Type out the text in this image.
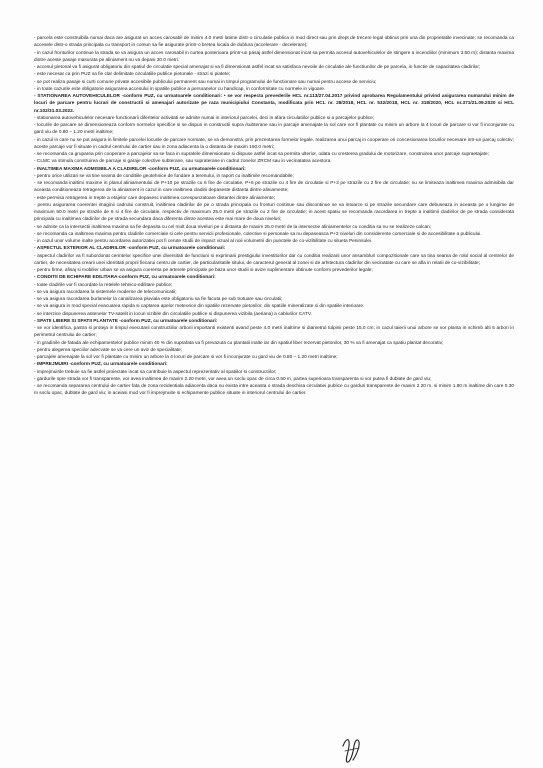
- parcela este construibila numai daca are asigurat un acces carosabil de minim 4.0 metri latime dintr-o circulatie publica in mod direct sau prin drept de trecere legal obtinut prin una din proprietatile invecinate; se recomanda ca accesele dintr-o strada principala cu transport in comun sa fie asigurate printr-o bretea locala de dublura (accelerare - decelerare);

- in cazul fronturilor continue la strada se va asigura un acces carosabil in curtea posterioara printr-un pasaj astfel dimensionat incat sa permita accesul autovehiculelor de stingere a incendiilor (minimum 3.50 m); distanta maxima dintre aceste pasaje masurata pe aliniament nu va depasi 30.0 metri.

- accesul pietonal va fi asigurat obligatoriu din spatiul de circulatie special amenajat si va fi dimensionat astfel incat sa satisfaca nevoile de circulatie ale functiunilor de pe parcela, in functie de capacitatea cladirilor;

- este necesar ca prin PUZ sa fie clar delimitate circulatiile publice pietonale - strazi si piatete;

- se pot realiza pasaje si curti comune private accesibile publicului permanent sau numai in timpul programului de functionare sau numai pentru accese de serviciu;

- in toate cazurile este obligatorie asigurarea accesului in spatiile publice a persoanelor cu handicap, in conformitate cu normele in vigoare.

- STATIONAREA AUTOVEHICULELOR -conform PUZ, cu urmatoarele conditionari: • se vor respecta prevederile HCL nr.113/27.04.2017 privind aprobarea Regulamentului privind asigurarea numarului minim de locuri de parcare pentru lucrari de constructii si amenajari autorizate pe raza municipiului Constanta, modificata prin HCL nr. 28/2018, HCL nr. 532/2018, HCL nr. 318/2020, HCL nr.371/21.09.2020 si HCL nr.102/31.03.2022.

- stationarea autovehiculelor necesare functionarii diferitelor activitati se admite numai in interiorul parcelei, deci in afara circulatiilor publice si a parcajelor publice;

- locurile de parcare se dimensioneaza conform normelor specifice si se dispun in constructii supra /subterane sau in parcaje amenajate la sol care vor fi plantate cu minim un arbore la 4 locuri de parcare si vor fi inconjurate cu gard viu de 0.80 – 1.20 metri inaltime;

- in cazul in care nu se pot asigura in limitele parcelei locurile de parcare normate, se va demonstra, prin prezentarea formelor legale, realizarea unui parcaj in cooperare ori concesionarea locurilor necesare intr-un parcaj colectiv; aceste parcaje vor fi situate in cadrul centrului de cartier sau in zona adiacenta la o distanta de maxim 150.0 metri;

- se recomanda ca gruparea prin cooperare a parcajelor sa se faca in supratele dimensionate si dispuse astfel incat sa permita ulterior, odata cu cresterea gradului de motorizare, construirea unor parcaje supraetajate;

- CLMC va stimula construirea de parcaje si garaje colective subterane, sau supraterane in cadrul zonelor ZRCM sau in vecinatatea acestora.

- INALTIMEA MAXIMA ADMISIBILA A CLADIRILOR -conform PUZ, cu urmatoarele conditionari:

- pentru orice utilizari se va tine seama de conditiile geotehnice de fundare a terenului, in raport cu inaltimile recomandabile;

- se recomanda inaltimi maxime in planul aliniamentului de P+10 pe strazile cu 6 fire de circulatie, P+6 pe strazile cu 4 fire de circulatie si P+3 pe strazile cu 2 fire de circulatie; nu se limiteaza inaltimea maxima admisibila dar aceasta conditioneaza retragerea de la aliniament in cazul in care inaltimea cladirii depaseste distanta dintre aliniamente;

- este permisa retragerea in trepte a etajelor care depasesc inaltimea corespunzatoare distantei dintre aliniamente;

- pentru asigurarea coerentei imaginii cadrului construit, inaltimea cladirilor de pe o strada principala cu fronturi continue sau discontinue se va intoarce si pe strazile secundare care debuseaza in aceasta pe o lungime de maximum 50.0 metri pe strazile de 6 si 4 fire de circulatie, respectiv de maximum 25.0 metri pe strazile cu 2 fire de circulatie; in acest spatiu se recomanda racordarea in trepte a inaltimii cladirilor de pe strada considerata principala cu inaltimea cladirilor de pe strada secundara daca diferenta dintre acestea este mai mare de doua niveluri;

- se admite ca la intersectii inaltimea maxima sa fie depasita cu cel mult doua niveluri pe o distanta de maxim 25.0 metri de la intersectie aliniamentelor cu conditia sa nu se realizeze calcan;

- se recomanda ca inaltimea maxima pentru cladirile comerciale si cele pentru servicii profesionale, colective si personale sa nu depaseasca P+3 niveluri din considerente comerciale si de accesibilitate a publicului.

- in cazul unor volume inalte pentru acordarea autorizatiei pot fi cerute studii de impact vizual al noii volumetrii din punctele de co-vizibilitate cu silueta Peninsulei.

- ASPECTUL EXTERIOR AL CLADIRILOR -conform PUZ, cu urmatoarele conditionari:

- aspectul cladirilor va fi subordonat cerintelor specifice unei diversitati de functiuni si exprimarii prestigiului investitorilor dar cu conditia realizarii unor ansambluri compozitionale care sa tina seama de rolul social al centrelor de cartier, de necesitatea crearii unei identitati proprii fiecarui centru de cartier, de particularitatile sitului, de caracterul general al zonei si de arhitectura cladirilor din vecinatate cu care se afla in relatii de co-vizibilitate;

- pentru firme, afisaj si mobilier urban se va asigura coerenta pe arterele principale pe baza unor studii si avize suplimentare obtinute conform prevederilor legale;

- CONDITII DE ECHIPARE EDILITARA-conform PUZ, cu urmatoarele conditionari:

- toate cladirile vor fi racordate la retelele tehnico-edilitare publice;

- se va asigura racordarea la sistemele moderne de telecomunicatii;

- se va asigura racordarea burlanelor la canalizarea pluviala este obligatoriu sa fie facuta pe sub trotuare sau circulatii;

- se va asigura in mod special evacuarea rapida si captarea apelor meteorice din spatiile rezervate pietonilor, din spatiile mineralizate si din spatiile interioare.

- se interzice dispunerea antenelor TV-satelit in locuri vizibile din circulatiile publice si dispunerea vizibila (aeriana) a cablurilor CATV.

- SPATII LIBERE SI SPATII PLANTATE -conform PUZ, cu urmatoarele conditionari:

- se vor identifica, pastra si proteja in timpul executarii constructiilor arborii importanti existenti avand peste 4.0 metri inaltime si diametrul tulpinii peste 15.0 cm; in cazul taierii unui arbore se vor planta in schimb alti 5 arbori in perimetrul centrului de cartier;

- in gradinile de fatada ale echipamentelor publice minim 40 % din suprafata va fi prevazuta cu plantatii inalte iar din spatiul liber rezervat pietonilor, 30 % va fi amenajat ca spatiu plantat decorativ;

- pentru alegerea speciilor adecvate se va cere un aviz de specialitate;

- parcajele amenajate la sol vor fi plantate cu minim un arbore la 4 locuri de parcare si vor fi inconjurate cu gard viu de 0.80 – 1.20 metri inaltime;

- IMPREJMUIRI -conform PUZ, cu urmatoarele conditionari:

- imprejmuirile trebuie sa fie astfel proiectate incat sa contribuie la aspectul reprezentativ al spatiilor si constructiilor;

- gardurile spre strada vor fi transparente, vor avea inaltimea de maxim 2.20 metri, vor avea un soclu opac de circa 0.50 m, partea superioara transparenta si vor putea fi dublate de gard viu;

- se recomanda separarea centrului de cartier fata de zona rezidentiala adiacenta daca nu exista intre aceasta o strada deschisa circulatiei publice cu garduri transparente de maxim 2.20 m. si minim 1.80 m inaltime din care 0.30 m soclu opac, dublate de gard viu; in aceiasi mod vor fi imprejmuite si echipamente publice situate in interiorul centrului de cartier.
